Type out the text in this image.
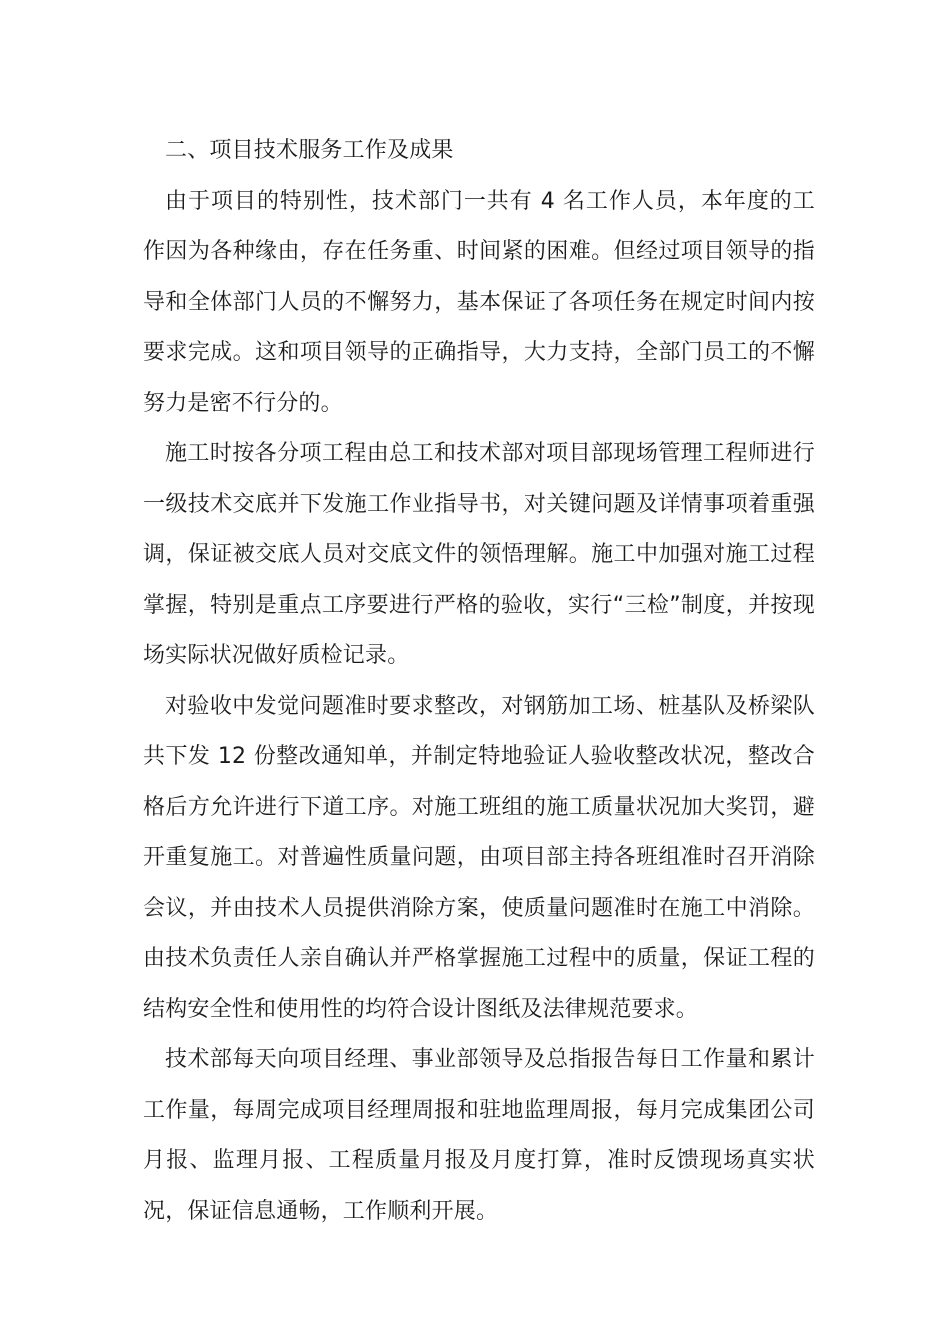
二、项目技术服务工作及成果

由于项目的特别性，技术部门一共有 4 名工作人员，本年度的工作因为各种缘由，存在任务重、时间紧的困难。但经过项目领导的指导和全体部门人员的不懈努力，基本保证了各项任务在规定时间内按要求完成。这和项目领导的正确指导，大力支持，全部门员工的不懈努力是密不行分的。

施工时按各分项工程由总工和技术部对项目部现场管理工程师进行一级技术交底并下发施工作业指导书，对关键问题及详情事项着重强调，保证被交底人员对交底文件的领悟理解。施工中加强对施工过程掌握，特别是重点工序要进行严格的验收，实行“三检”制度，并按现场实际状况做好质检记录。

对验收中发觉问题准时要求整改，对钢筋加工场、桩基队及桥梁队共下发 12 份整改通知单，并制定特地验证人验收整改状况，整改合格后方允许进行下道工序。对施工班组的施工质量状况加大奖罚，避开重复施工。对普遍性质量问题，由项目部主持各班组准时召开消除会议，并由技术人员提供消除方案，使质量问题准时在施工中消除。由技术负责任人亲自确认并严格掌握施工过程中的质量，保证工程的结构安全性和使用性的均符合设计图纸及法律规范要求。

技术部每天向项目经理、事业部领导及总指报告每日工作量和累计工作量，每周完成项目经理周报和驻地监理周报，每月完成集团公司月报、监理月报、工程质量月报及月度打算，准时反馈现场真实状况，保证信息通畅，工作顺利开展。
